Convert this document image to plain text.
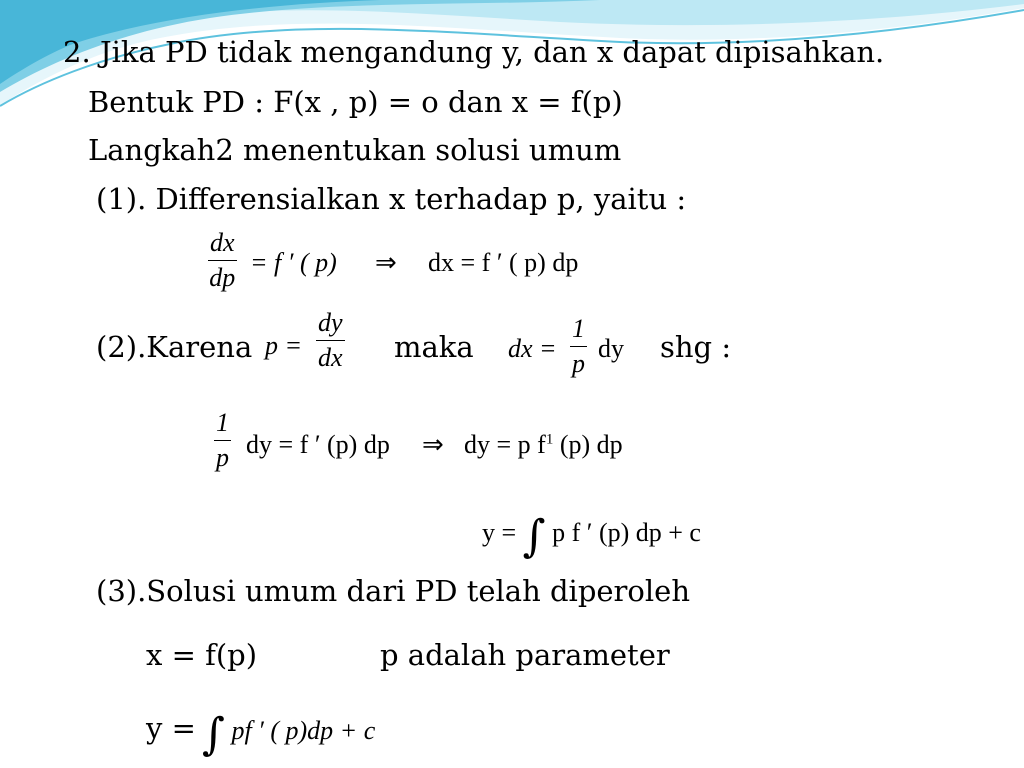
2. Jika PD tidak mengandung y, dan x dapat dipisahkan.
Bentuk PD : F(x , p) = o dan x = f(p)
Langkah2 menentukan solusi umum
(1). Differensialkan x terhadap p, yaitu :
$\frac{dx}{dp} = f$ ′ ( p) ⇒ dx = f ′ ( p) dp
(2).Karena $p = \frac{dy}{dx}$ maka dx = $\frac{1}{p}$ dy shg :
$\frac{1}{p}$ dy = f ′ (p) dp ⇒ dy = p $f^1$ (p) dp
y = ∫ p f ′ (p) dp + c
(3).Solusi umum dari PD telah diperoleh
x = f(p)	p adalah parameter
y = ∫ pf ′ ( p)dp + c
